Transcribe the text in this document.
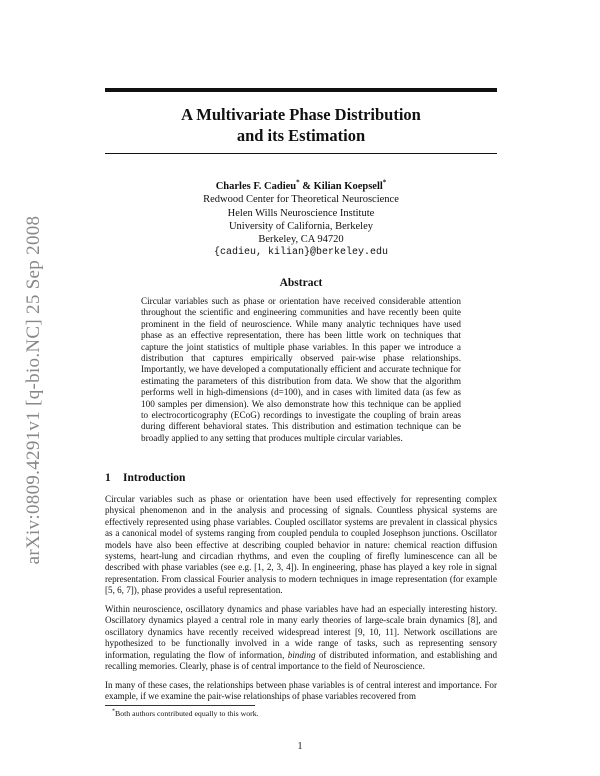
arXiv:0809.4291v1 [q-bio.NC] 25 Sep 2008
A Multivariate Phase Distribution
and its Estimation
Charles F. Cadieu* & Kilian Koepsell*
Redwood Center for Theoretical Neuroscience
Helen Wills Neuroscience Institute
University of California, Berkeley
Berkeley, CA 94720
{cadieu, kilian}@berkeley.edu
Abstract
Circular variables such as phase or orientation have received considerable attention throughout the scientific and engineering communities and have recently been quite prominent in the field of neuroscience. While many analytic techniques have used phase as an effective representation, there has been little work on techniques that capture the joint statistics of multiple phase variables. In this paper we introduce a distribution that captures empirically observed pair-wise phase relationships. Importantly, we have developed a computationally efficient and accurate technique for estimating the parameters of this distribution from data. We show that the algorithm performs well in high-dimensions (d=100), and in cases with limited data (as few as 100 samples per dimension). We also demonstrate how this technique can be applied to electrocorticography (ECoG) recordings to investigate the coupling of brain areas during different behavioral states. This distribution and estimation technique can be broadly applied to any setting that produces multiple circular variables.
1 Introduction
Circular variables such as phase or orientation have been used effectively for representing complex physical phenomenon and in the analysis and processing of signals. Countless physical systems are effectively represented using phase variables. Coupled oscillator systems are prevalent in classical physics as a canonical model of systems ranging from coupled pendula to coupled Josephson junctions. Oscillator models have also been effective at describing coupled behavior in nature: chemical reaction diffusion systems, heart-lung and circadian rhythms, and even the coupling of firefly luminescence can all be described with phase variables (see e.g. [1, 2, 3, 4]). In engineering, phase has played a key role in signal representation. From classical Fourier analysis to modern techniques in image representation (for example [5, 6, 7]), phase provides a useful representation.
Within neuroscience, oscillatory dynamics and phase variables have had an especially interesting history. Oscillatory dynamics played a central role in many early theories of large-scale brain dynamics [8], and oscillatory dynamics have recently received widespread interest [9, 10, 11]. Network oscillations are hypothesized to be functionally involved in a wide range of tasks, such as representing sensory information, regulating the flow of information, binding of distributed information, and establishing and recalling memories. Clearly, phase is of central importance to the field of Neuroscience.
In many of these cases, the relationships between phase variables is of central interest and importance. For example, if we examine the pair-wise relationships of phase variables recovered from
*Both authors contributed equally to this work.
1
